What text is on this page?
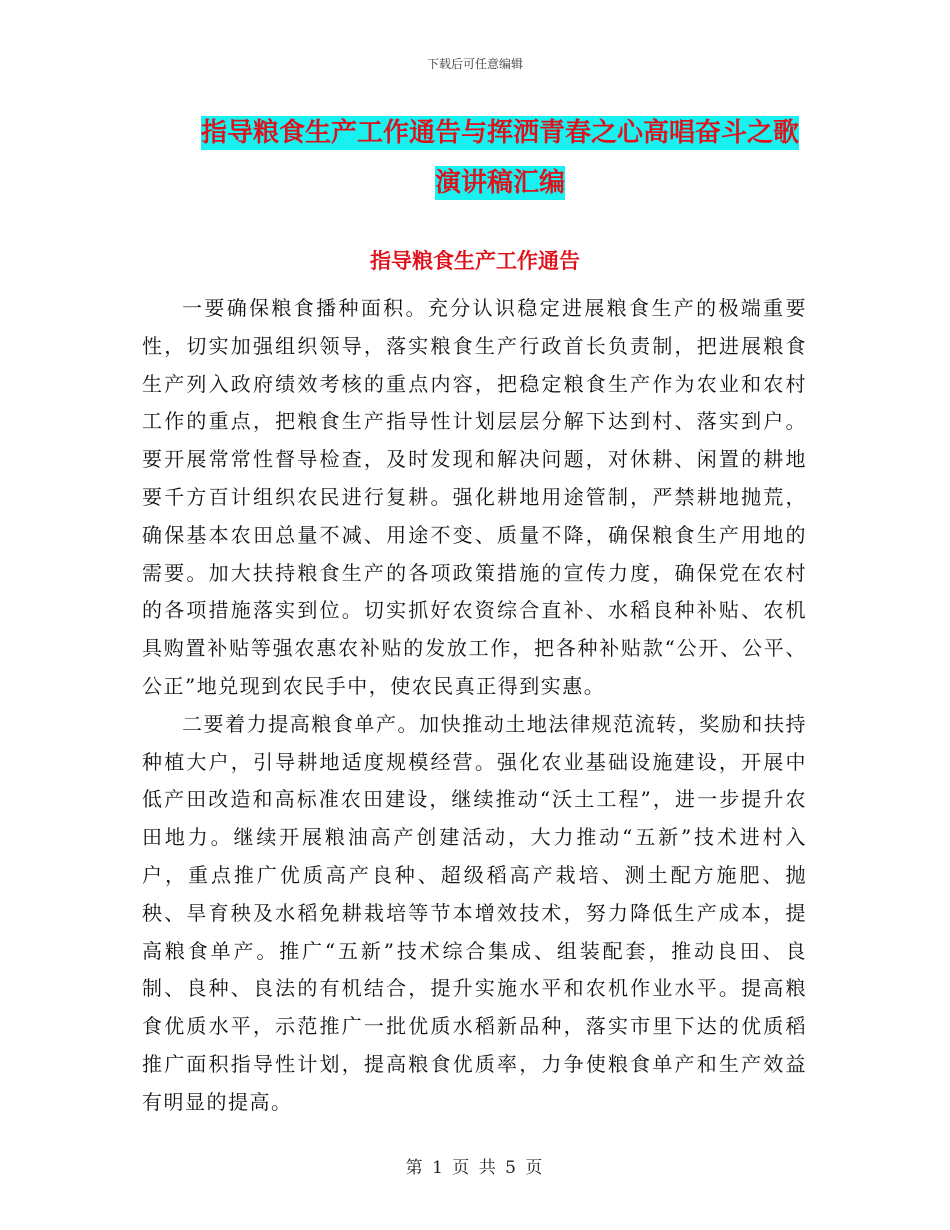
下载后可任意编辑
指导粮食生产工作通告与挥洒青春之心高唱奋斗之歌
演讲稿汇编
指导粮食生产工作通告

一要确保粮食播种面积。充分认识稳定进展粮食生产的极端重要性，切实加强组织领导，落实粮食生产行政首长负责制，把进展粮食生产列入政府绩效考核的重点内容，把稳定粮食生产作为农业和农村工作的重点，把粮食生产指导性计划层层分解下达到村、落实到户。要开展常常性督导检查，及时发现和解决问题，对休耕、闲置的耕地要千方百计组织农民进行复耕。强化耕地用途管制，严禁耕地抛荒，确保基本农田总量不减、用途不变、质量不降，确保粮食生产用地的需要。加大扶持粮食生产的各项政策措施的宣传力度，确保党在农村的各项措施落实到位。切实抓好农资综合直补、水稻良种补贴、农机具购置补贴等强农惠农补贴的发放工作，把各种补贴款“公开、公平、公正”地兑现到农民手中，使农民真正得到实惠。

二要着力提高粮食单产。加快推动土地法律规范流转，奖励和扶持种植大户，引导耕地适度规模经营。强化农业基础设施建设，开展中低产田改造和高标准农田建设，继续推动“沃土工程”，进一步提升农田地力。继续开展粮油高产创建活动，大力推动“五新”技术进村入户，重点推广优质高产良种、超级稻高产栽培、测土配方施肥、抛秧、旱育秧及水稻免耕栽培等节本增效技术，努力降低生产成本，提高粮食单产。推广“五新”技术综合集成、组装配套，推动良田、良制、良种、良法的有机结合，提升实施水平和农机作业水平。提高粮食优质水平，示范推广一批优质水稻新品种，落实市里下达的优质稻推广面积指导性计划，提高粮食优质率，力争使粮食单产和生产效益有明显的提高。

第 1 页 共 5 页
